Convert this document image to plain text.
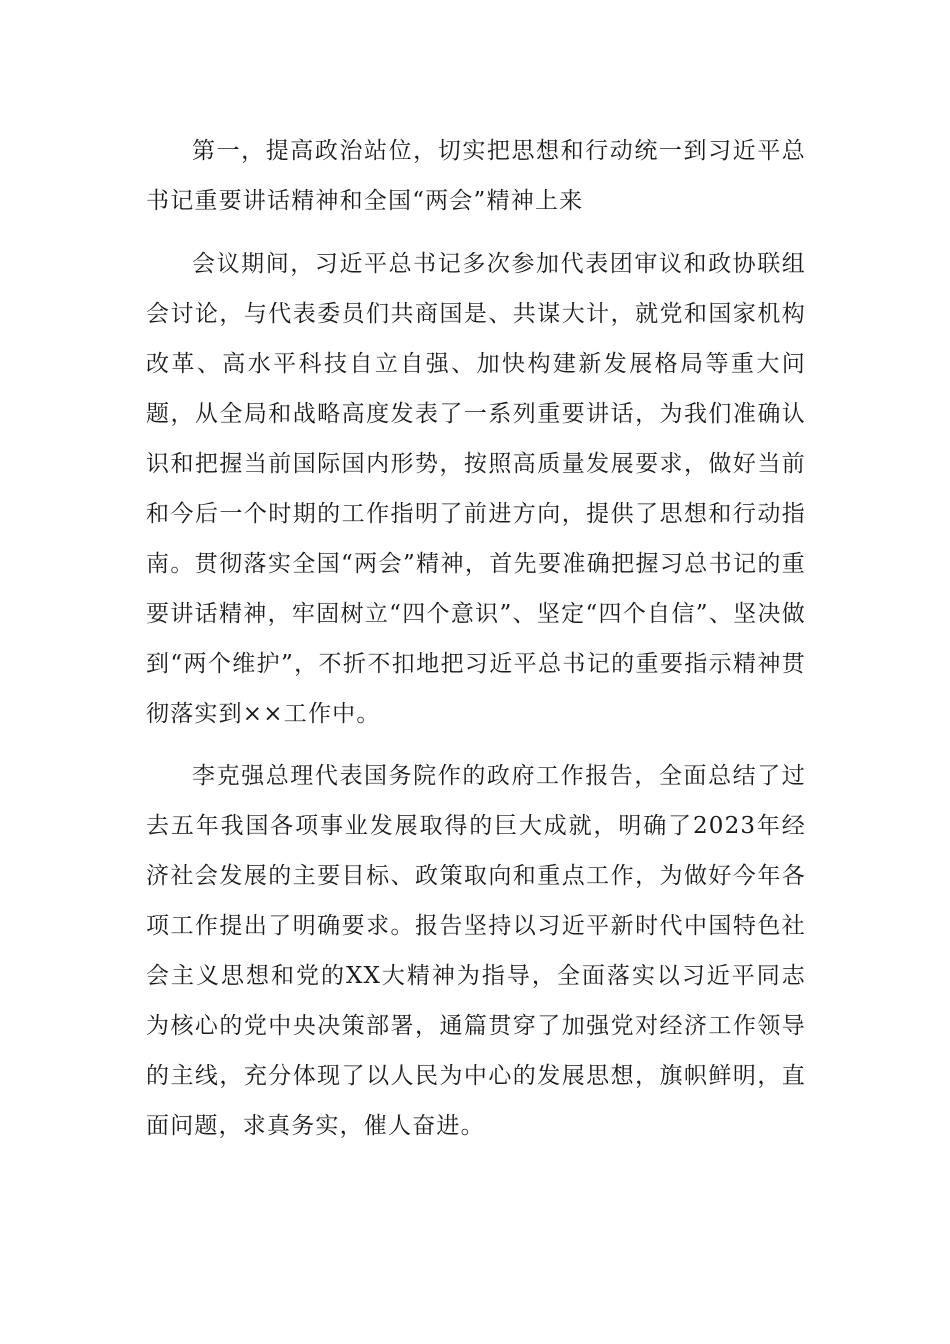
第一，提高政治站位，切实把思想和行动统一到习近平总书记重要讲话精神和全国“两会”精神上来

会议期间，习近平总书记多次参加代表团审议和政协联组会讨论，与代表委员们共商国是、共谋大计，就党和国家机构改革、高水平科技自立自强、加快构建新发展格局等重大问题，从全局和战略高度发表了一系列重要讲话，为我们准确认识和把握当前国际国内形势，按照高质量发展要求，做好当前和今后一个时期的工作指明了前进方向，提供了思想和行动指南。贯彻落实全国“两会”精神，首先要准确把握习总书记的重要讲话精神，牢固树立“四个意识”、坚定“四个自信”、坚决做到“两个维护”，不折不扣地把习近平总书记的重要指示精神贯彻落实到××工作中。

李克强总理代表国务院作的政府工作报告，全面总结了过去五年我国各项事业发展取得的巨大成就，明确了2023年经济社会发展的主要目标、政策取向和重点工作，为做好今年各项工作提出了明确要求。报告坚持以习近平新时代中国特色社会主义思想和党的XX大精神为指导，全面落实以习近平同志为核心的党中央决策部署，通篇贯穿了加强党对经济工作领导的主线，充分体现了以人民为中心的发展思想，旗帜鲜明，直面问题，求真务实，催人奋进。
